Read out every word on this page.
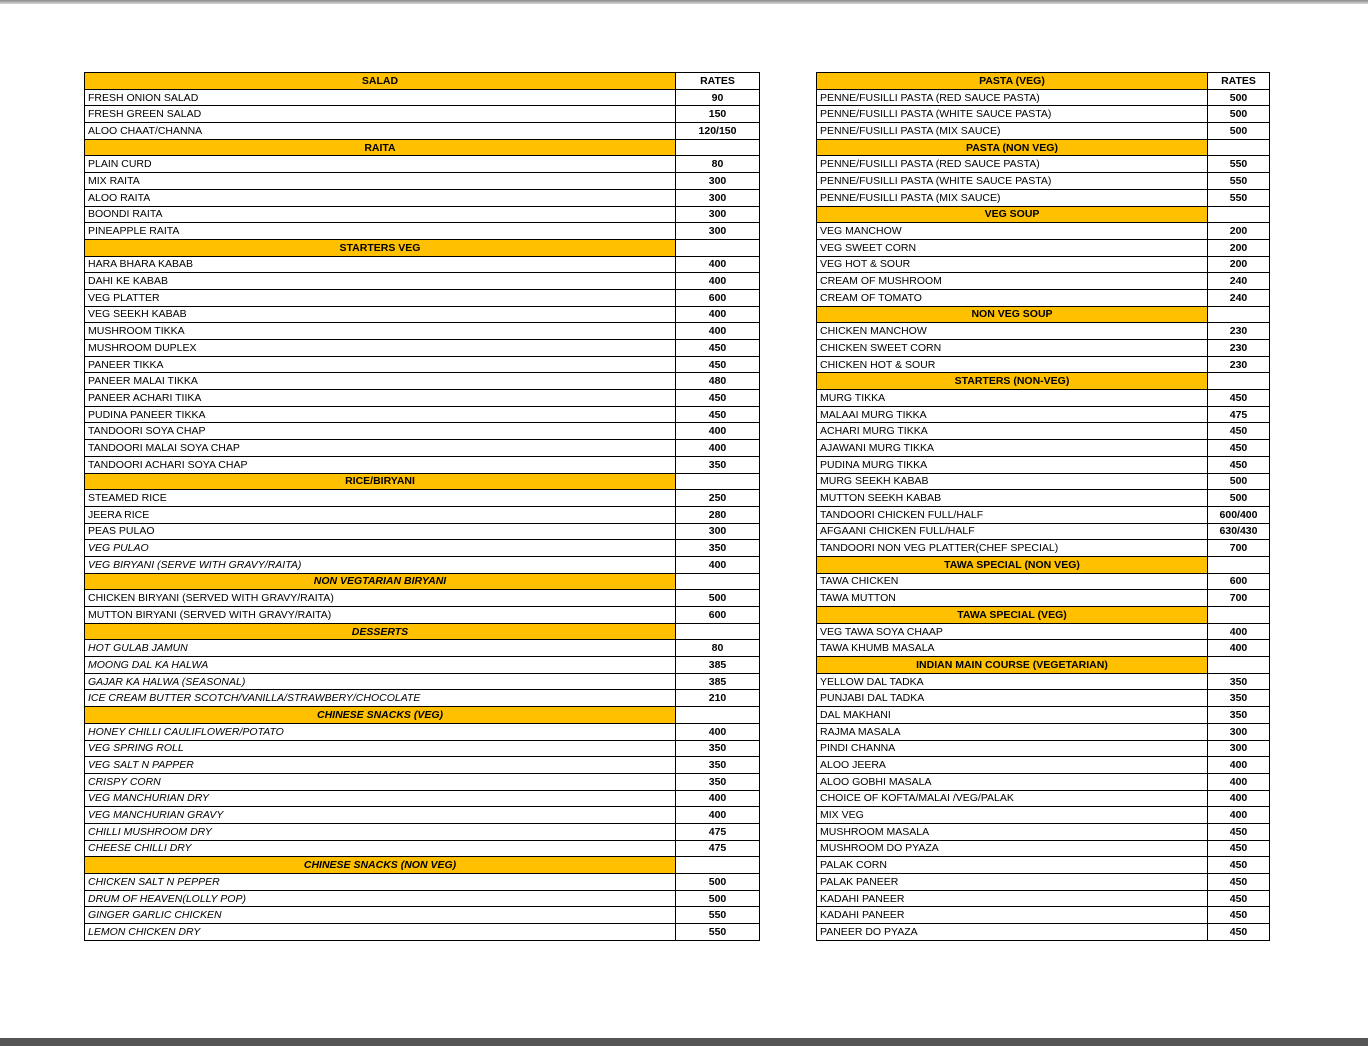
SALAD	RATES
FRESH ONION SALAD	90
FRESH GREEN SALAD	150
ALOO CHAAT/CHANNA	120/150
RAITA	
PLAIN CURD	80
MIX RAITA	300
ALOO RAITA	300
BOONDI RAITA	300
PINEAPPLE RAITA	300
STARTERS VEG	
HARA BHARA KABAB	400
DAHI KE KABAB	400
VEG PLATTER	600
VEG SEEKH KABAB	400
MUSHROOM TIKKA	400
MUSHROOM DUPLEX	450
PANEER TIKKA	450
PANEER MALAI TIKKA	480
PANEER ACHARI TIIKA	450
PUDINA PANEER TIKKA	450
TANDOORI SOYA CHAP	400
TANDOORI MALAI SOYA CHAP	400
TANDOORI ACHARI SOYA CHAP	350
RICE/BIRYANI	
STEAMED RICE	250
JEERA RICE	280
PEAS PULAO	300
VEG PULAO	350
VEG BIRYANI (SERVE WITH GRAVY/RAITA)	400
NON VEGTARIAN BIRYANI	
CHICKEN BIRYANI (SERVED WITH GRAVY/RAITA)	500
MUTTON BIRYANI (SERVED WITH GRAVY/RAITA)	600
DESSERTS	
HOT GULAB JAMUN	80
MOONG DAL KA HALWA	385
GAJAR KA HALWA (SEASONAL)	385
ICE CREAM BUTTER SCOTCH/VANILLA/STRAWBERY/CHOCOLATE	210
CHINESE SNACKS (VEG)	
HONEY CHILLI CAULIFLOWER/POTATO	400
VEG SPRING ROLL	350
VEG SALT N PAPPER	350
CRISPY CORN	350
VEG MANCHURIAN DRY	400
VEG MANCHURIAN GRAVY	400
CHILLI MUSHROOM DRY	475
CHEESE CHILLI DRY	475
CHINESE SNACKS (NON VEG)	
CHICKEN SALT N PEPPER	500
DRUM OF HEAVEN(LOLLY POP)	500
GINGER GARLIC CHICKEN	550
LEMON CHICKEN DRY	550
PASTA (VEG)	RATES
PENNE/FUSILLI PASTA (RED SAUCE PASTA)	500
PENNE/FUSILLI PASTA (WHITE SAUCE PASTA)	500
PENNE/FUSILLI PASTA (MIX SAUCE)	500
PASTA (NON VEG)	
PENNE/FUSILLI PASTA (RED SAUCE PASTA)	550
PENNE/FUSILLI PASTA (WHITE SAUCE PASTA)	550
PENNE/FUSILLI PASTA (MIX SAUCE)	550
VEG SOUP	
VEG MANCHOW	200
VEG SWEET CORN	200
VEG HOT & SOUR	200
CREAM OF MUSHROOM	240
CREAM OF TOMATO	240
NON VEG SOUP	
CHICKEN MANCHOW	230
CHICKEN SWEET CORN	230
CHICKEN HOT & SOUR	230
STARTERS (NON-VEG)	
MURG TIKKA	450
MALAAI MURG TIKKA	475
ACHARI MURG TIKKA	450
AJAWANI MURG TIKKA	450
PUDINA MURG TIKKA	450
MURG SEEKH KABAB	500
MUTTON SEEKH KABAB	500
TANDOORI CHICKEN FULL/HALF	600/400
AFGAANI CHICKEN FULL/HALF	630/430
TANDOORI NON VEG PLATTER(CHEF SPECIAL)	700
TAWA SPECIAL (NON VEG)	
TAWA CHICKEN	600
TAWA MUTTON	700
TAWA SPECIAL (VEG)	
VEG TAWA SOYA CHAAP	400
TAWA KHUMB MASALA	400
INDIAN MAIN COURSE (VEGETARIAN)	
YELLOW DAL TADKA	350
PUNJABI DAL TADKA	350
DAL MAKHANI	350
RAJMA MASALA	300
PINDI CHANNA	300
ALOO JEERA	400
ALOO GOBHI MASALA	400
CHOICE OF KOFTA/MALAI /VEG/PALAK	400
MIX VEG	400
MUSHROOM MASALA	450
MUSHROOM DO PYAZA	450
PALAK CORN	450
PALAK PANEER	450
KADAHI PANEER	450
KADAHI PANEER	450
PANEER DO PYAZA	450
